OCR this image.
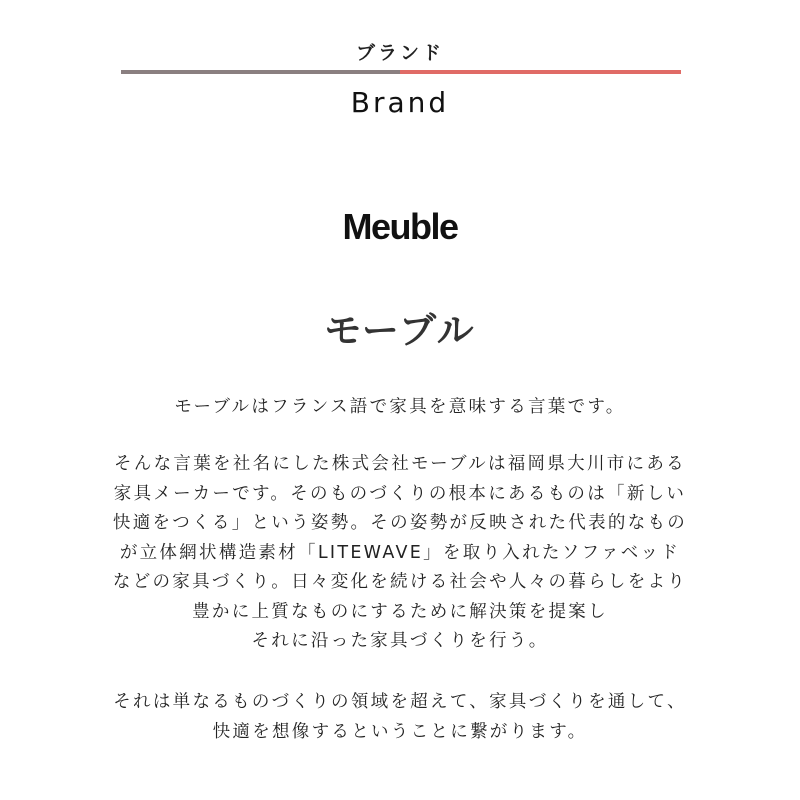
ブランド
Brand
Meuble
モーブル
モーブルはフランス語で家具を意味する言葉です。
そんな言葉を社名にした株式会社モーブルは福岡県大川市にある
家具メーカーです。そのものづくりの根本にあるものは「新しい
快適をつくる」という姿勢。その姿勢が反映された代表的なもの
が立体網状構造素材「LITEWAVE」を取り入れたソファベッド
などの家具づくり。日々変化を続ける社会や人々の暮らしをより
豊かに上質なものにするために解決策を提案し
それに沿った家具づくりを行う。
それは単なるものづくりの領域を超えて、家具づくりを通して、
快適を想像するということに繋がります。
